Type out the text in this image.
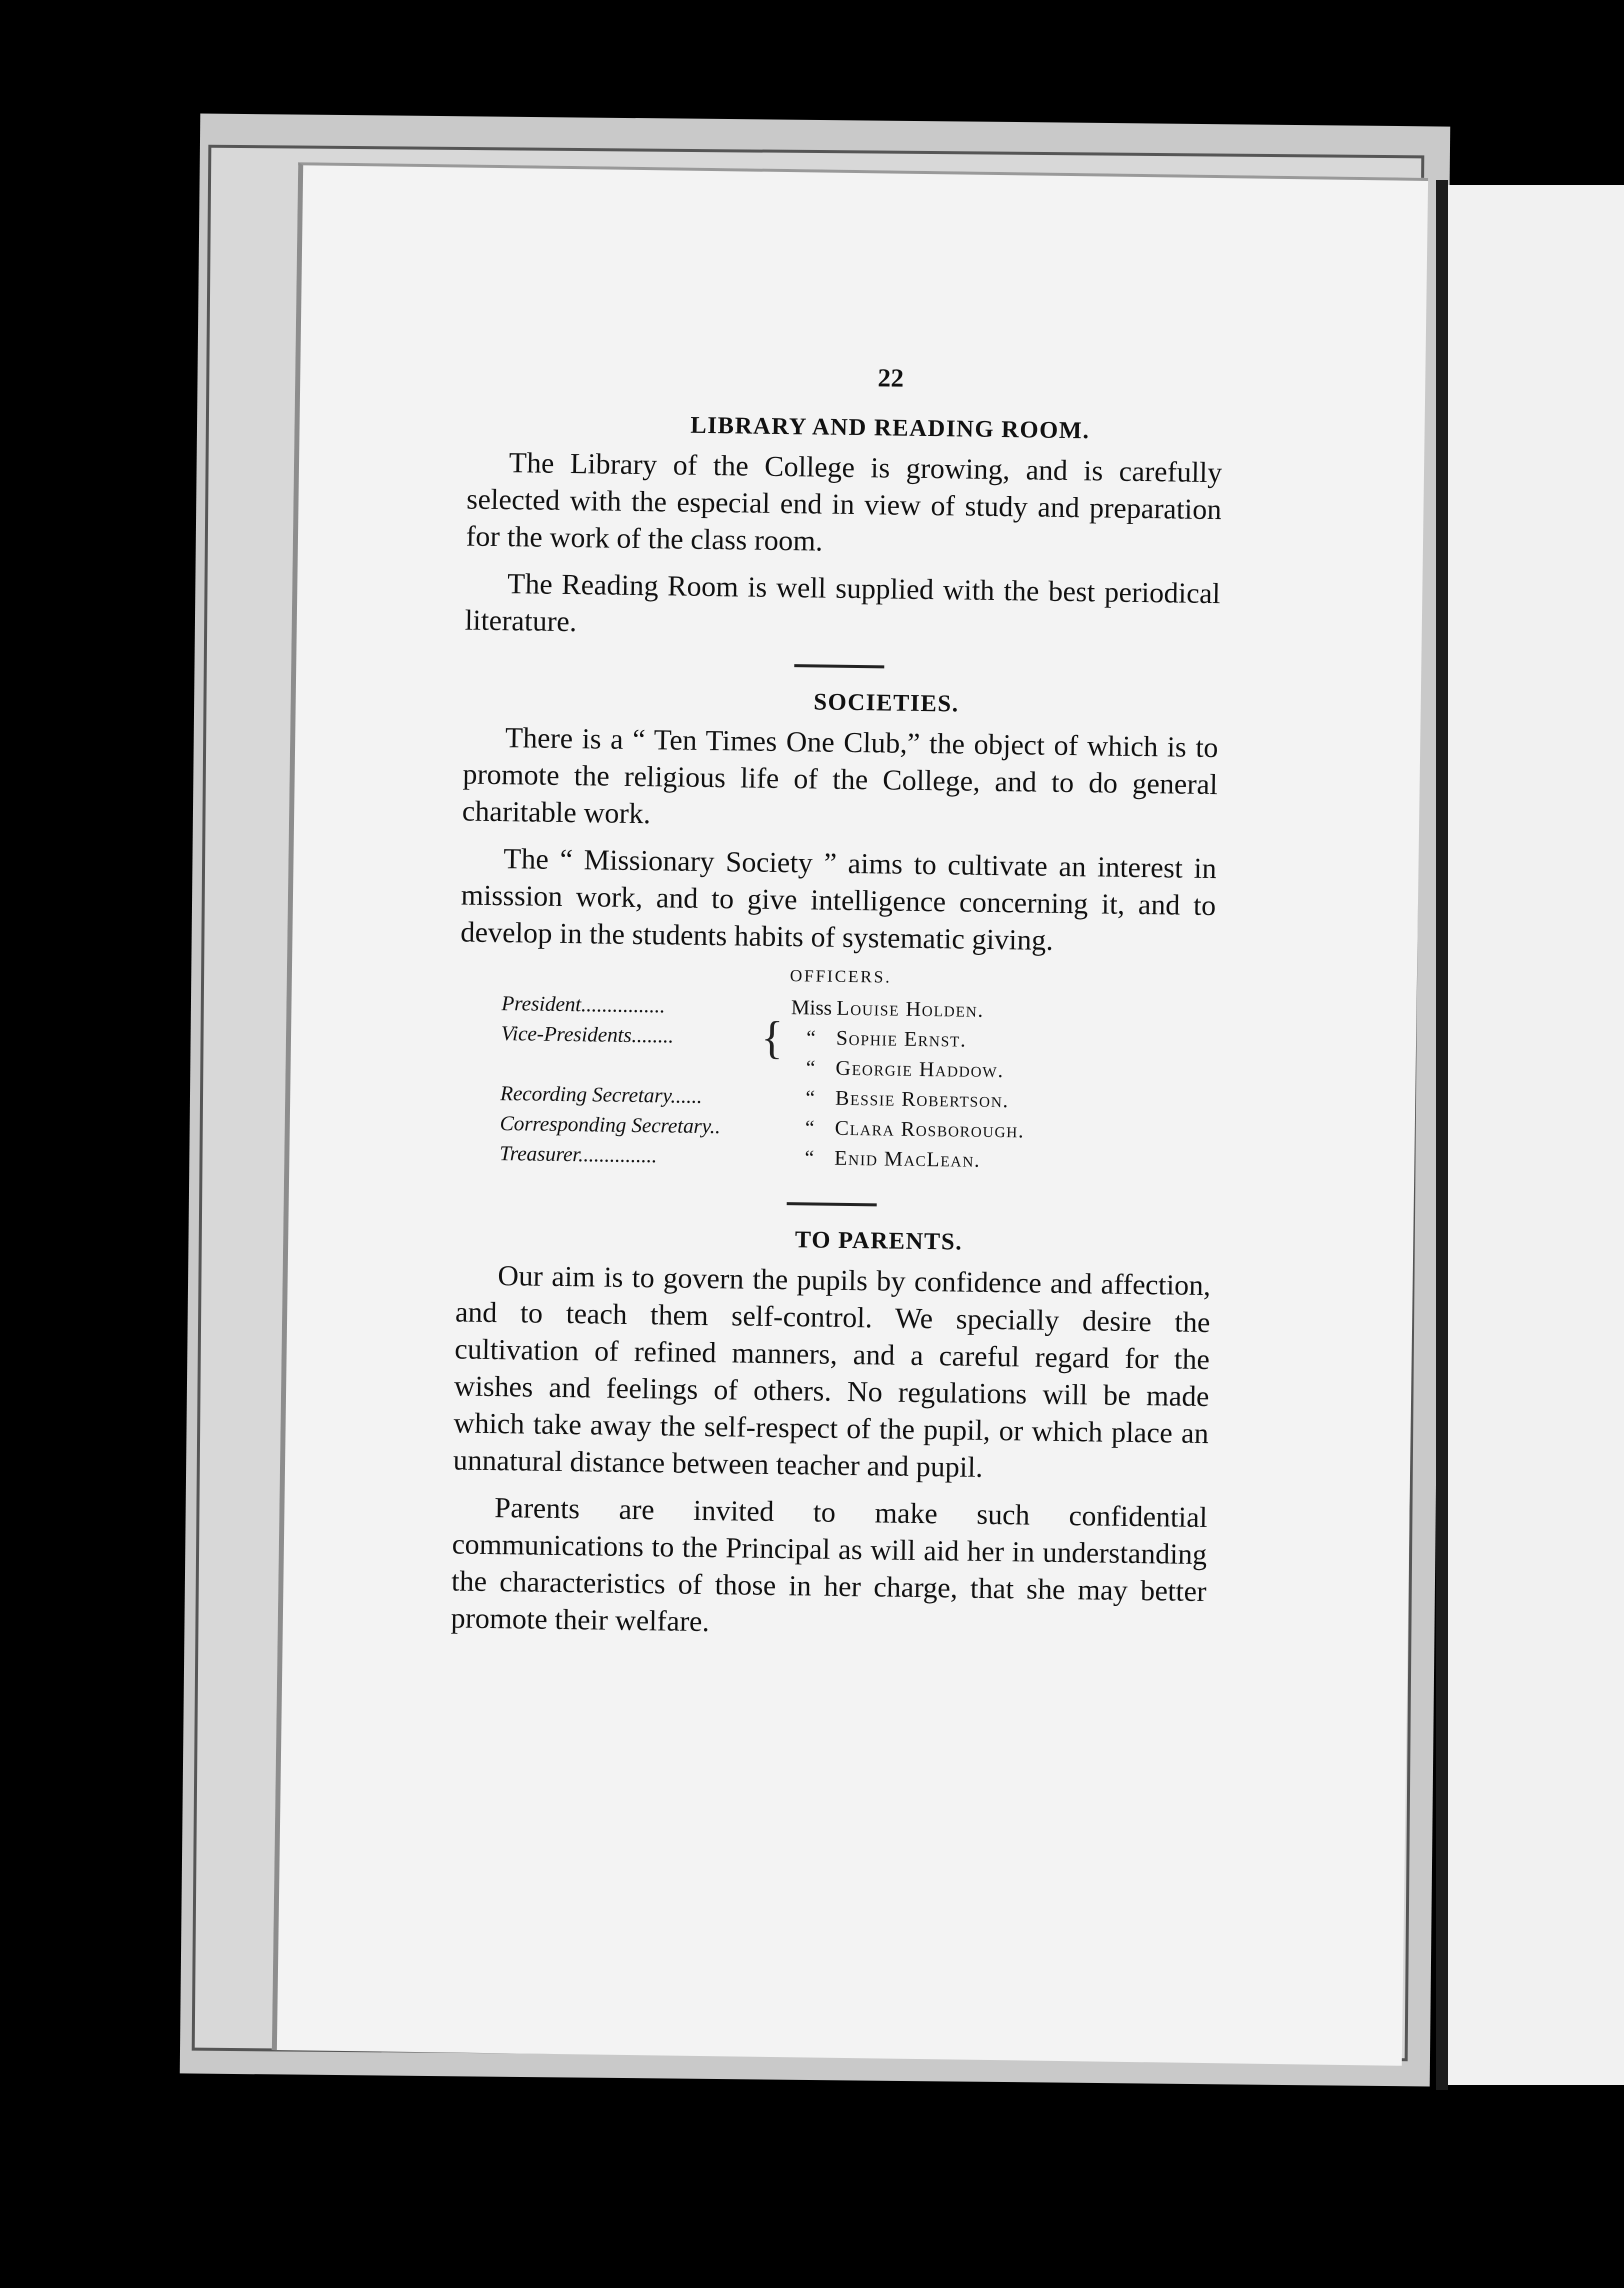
22
LIBRARY AND READING ROOM.

The Library of the College is growing, and is carefully selected with the especial end in view of study and preparation for the work of the class room.

The Reading Room is well supplied with the best periodical literature.

SOCIETIES.

There is a “ Ten Times One Club,” the object of which is to promote the religious life of the College, and to do general charitable work.

The “ Missionary Society ” aims to cultivate an interest in misssion work, and to give intelligence concerning it, and to develop in the students habits of systematic giving.

OFFICERS.
President................	Miss Louise Holden.
Vice-Presidents........	“ Sophie Ernst.
“ Georgie Haddow.
{
Recording Secretary......	“ Bessie Robertson.
Corresponding Secretary..	“ Clara Rosborough.
Treasurer...............	“ Enid MacLean.
TO PARENTS.

Our aim is to govern the pupils by confidence and affection, and to teach them self-control. We specially desire the cultivation of refined manners, and a careful regard for the wishes and feelings of others. No regulations will be made which take away the self-respect of the pupil, or which place an unnatural distance between teacher and pupil.

Parents are invited to make such confidential communications to the Principal as will aid her in understanding the characteristics of those in her charge, that she may better promote their welfare.
